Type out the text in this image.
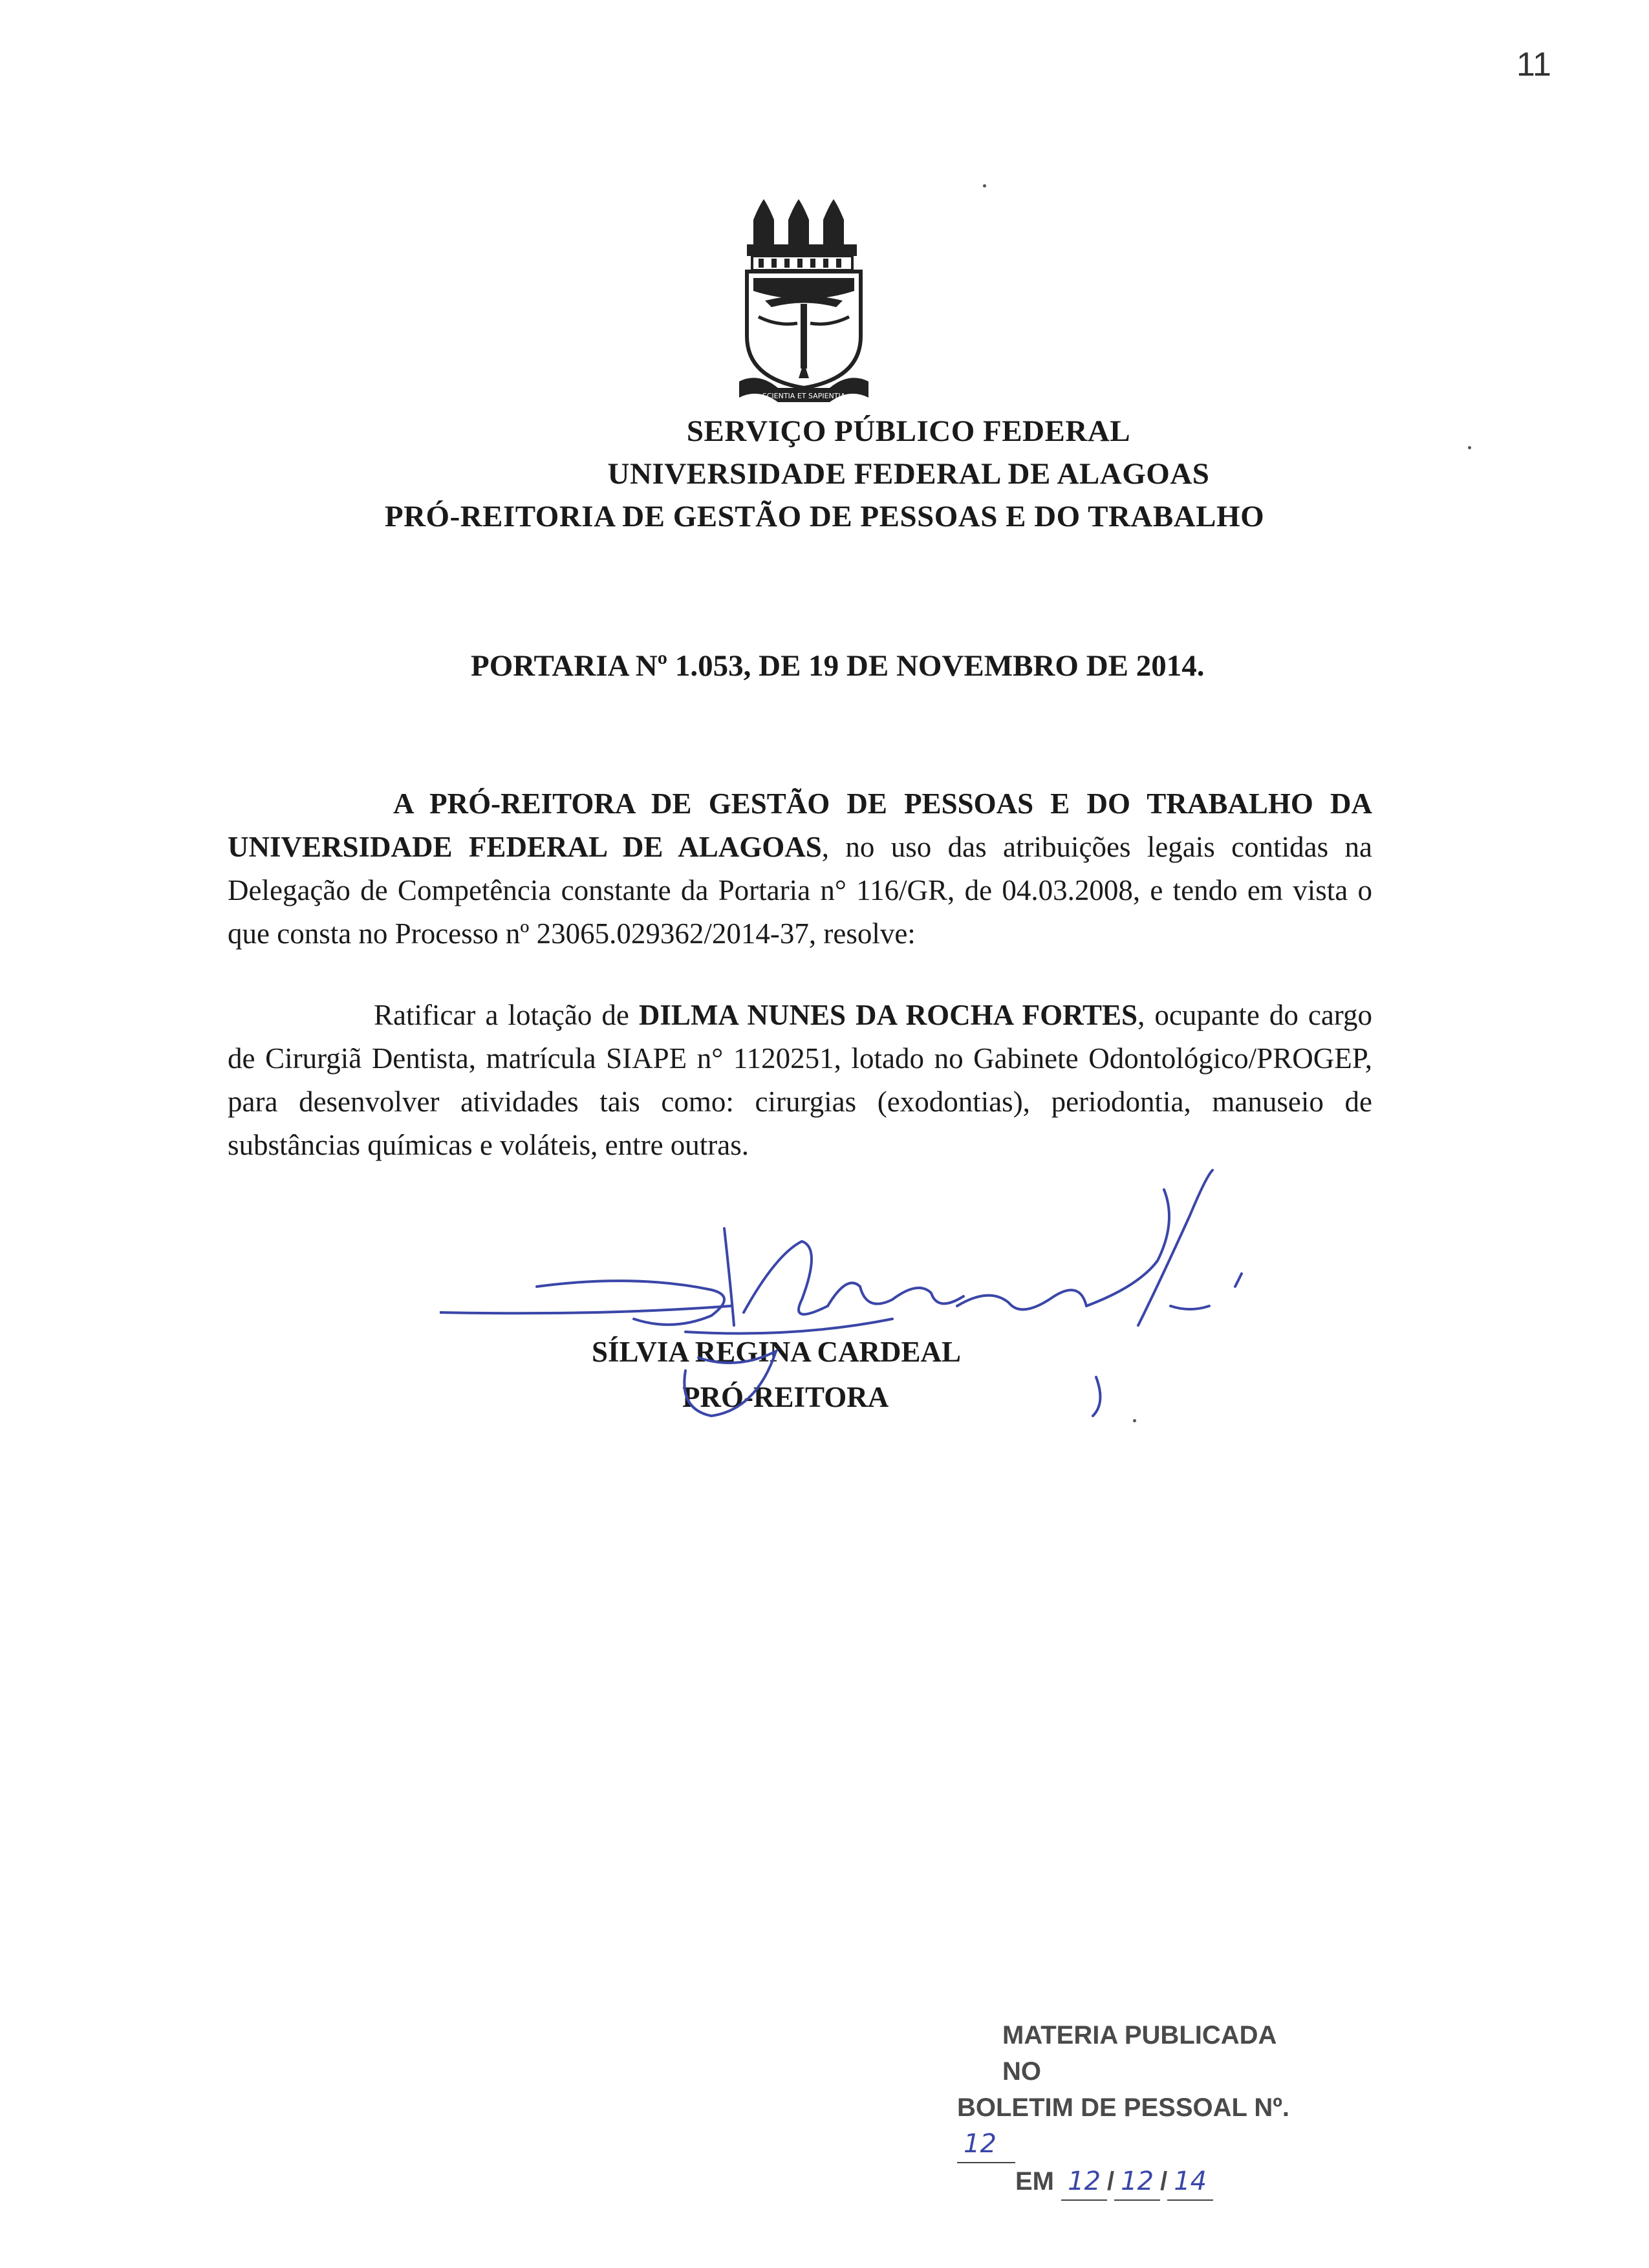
11
SCIENTIA ET SAPIENTIA
SERVIÇO PÚBLICO FEDERAL
UNIVERSIDADE FEDERAL DE ALAGOAS
PRÓ-REITORIA DE GESTÃO DE PESSOAS E DO TRABALHO
PORTARIA Nº 1.053, DE 19 DE NOVEMBRO DE 2014.
A PRÓ-REITORA DE GESTÃO DE PESSOAS E DO TRABALHO DA UNIVERSIDADE FEDERAL DE ALAGOAS, no uso das atribuições legais contidas na Delegação de Competência constante da Portaria n° 116/GR, de 04.03.2008, e tendo em vista o que consta no Processo nº 23065.029362/2014-37, resolve:
Ratificar a lotação de DILMA NUNES DA ROCHA FORTES, ocupante do cargo de Cirurgiã Dentista, matrícula SIAPE n° 1120251, lotado no Gabinete Odontológico/PROGEP, para desenvolver atividades tais como: cirurgias (exodontias), periodontia, manuseio de substâncias químicas e voláteis, entre outras.
SÍLVIA REGINA CARDEAL
PRÓ-REITORA
MATERIA PUBLICADA NO
BOLETIM DE PESSOAL Nº. 12
EM 12 / 12 / 14
